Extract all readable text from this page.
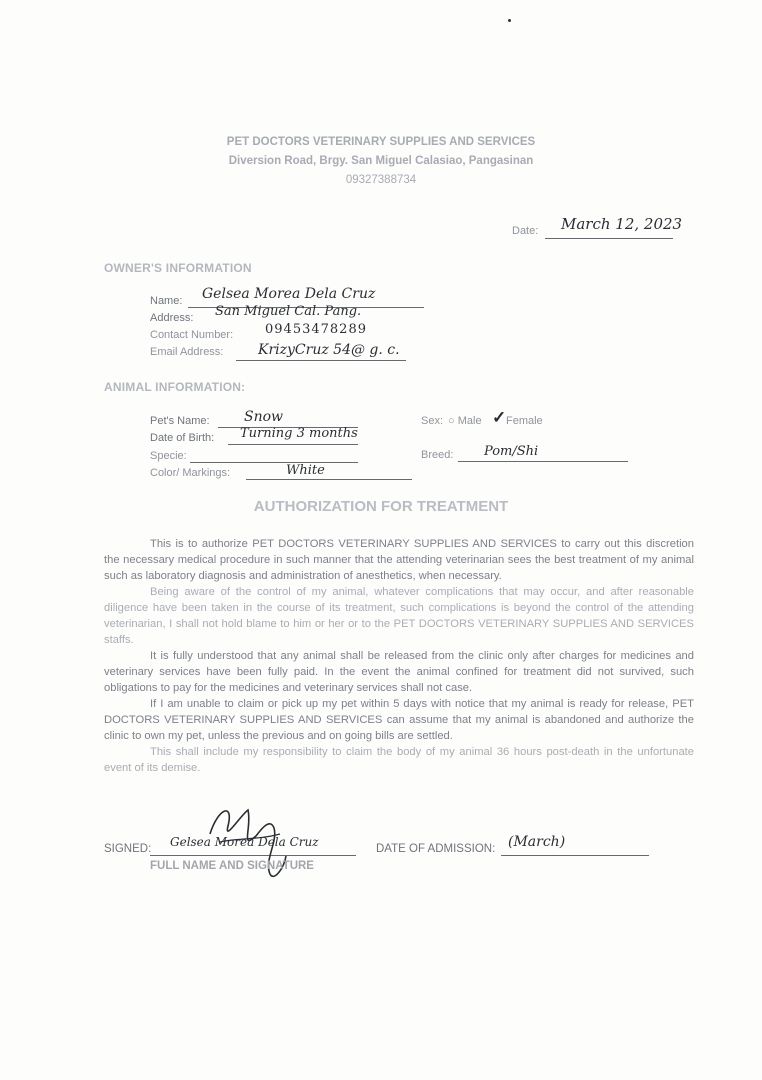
PET DOCTORS VETERINARY SUPPLIES AND SERVICES
Diversion Road, Brgy. San Miguel Calasiao, Pangasinan
09327388734
Date: March 12, 2023
OWNER'S INFORMATION
Name: Gelsea Morea Dela Cruz
Address: San Miguel Cal. Pang.
Contact Number: 09453478289
Email Address: KrizyCruz 54@ g. c.
ANIMAL INFORMATION:
Pet's Name: Snow
Date of Birth: Turning 3 months
Specie:
Color/ Markings:	White
Sex: ○ Male ✓ Female
Breed: Pom/Shi
AUTHORIZATION FOR TREATMENT

This is to authorize PET DOCTORS VETERINARY SUPPLIES AND SERVICES to carry out this discretion the necessary medical procedure in such manner that the attending veterinarian sees the best treatment of my animal such as laboratory diagnosis and administration of anesthetics, when necessary.

Being aware of the control of my animal, whatever complications that may occur, and after reasonable diligence have been taken in the course of its treatment, such complications is beyond the control of the attending veterinarian, I shall not hold blame to him or her or to the PET DOCTORS VETERINARY SUPPLIES AND SERVICES staffs.

It is fully understood that any animal shall be released from the clinic only after charges for medicines and veterinary services have been fully paid. In the event the animal confined for treatment did not survived, such obligations to pay for the medicines and veterinary services shall not case.

If I am unable to claim or pick up my pet within 5 days with notice that my animal is ready for release, PET DOCTORS VETERINARY SUPPLIES AND SERVICES can assume that my animal is abandoned and authorize the clinic to own my pet, unless the previous and on going bills are settled.

This shall include my responsibility to claim the body of my animal 36 hours post-death in the unfortunate event of its demise.

SIGNED: Gelsea Morea Dela Cruz
FULL NAME AND SIGNATURE
DATE OF ADMISSION: (March)
